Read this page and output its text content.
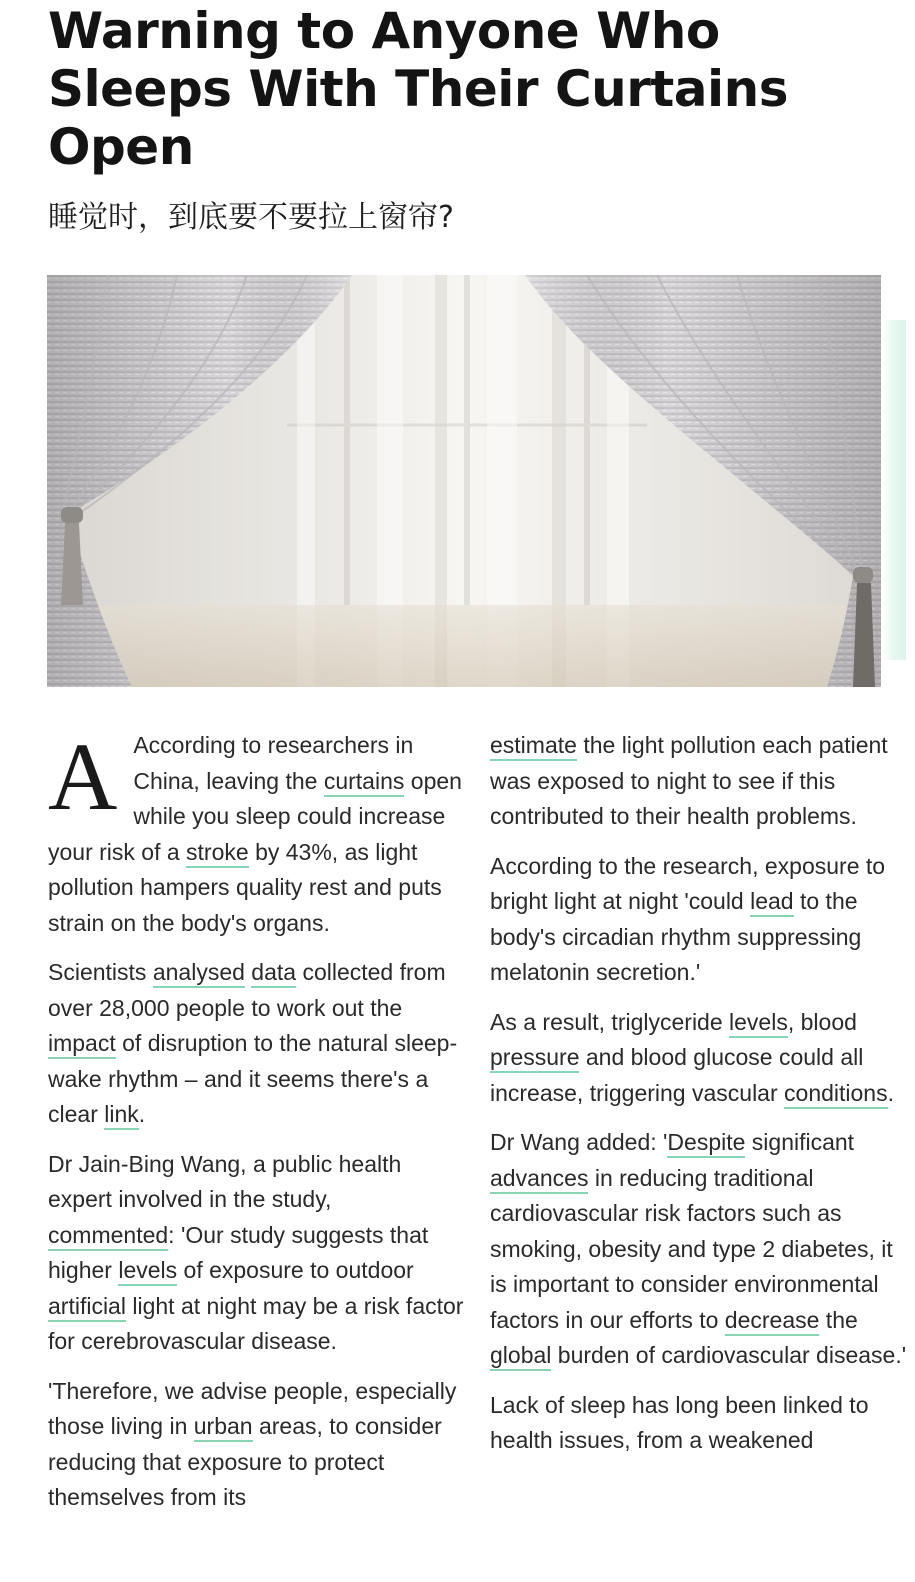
Warning to Anyone Who Sleeps With Their Curtains Open

睡觉时，到底要不要拉上窗帘?

A According to researchers in China, leaving the curtains open while you sleep could increase your risk of a stroke by 43%, as light pollution hampers quality rest and puts strain on the body's organs.

Scientists analysed data collected from over 28,000 people to work out the impact of disruption to the natural sleep-wake rhythm – and it seems there's a clear link.

Dr Jain-Bing Wang, a public health expert involved in the study, commented: 'Our study suggests that higher levels of exposure to outdoor artificial light at night may be a risk factor for cerebrovascular disease.

'Therefore, we advise people, especially those living in urban areas, to consider reducing that exposure to protect themselves from its

estimate the light pollution each patient was exposed to night to see if this contributed to their health problems.

According to the research, exposure to bright light at night 'could lead to the body's circadian rhythm suppressing melatonin secretion.'

As a result, triglyceride levels, blood pressure and blood glucose could all increase, triggering vascular conditions.

Dr Wang added: 'Despite significant advances in reducing traditional cardiovascular risk factors such as smoking, obesity and type 2 diabetes, it is important to consider environmental factors in our efforts to decrease the global burden of cardiovascular disease.'

Lack of sleep has long been linked to health issues, from a weakened
